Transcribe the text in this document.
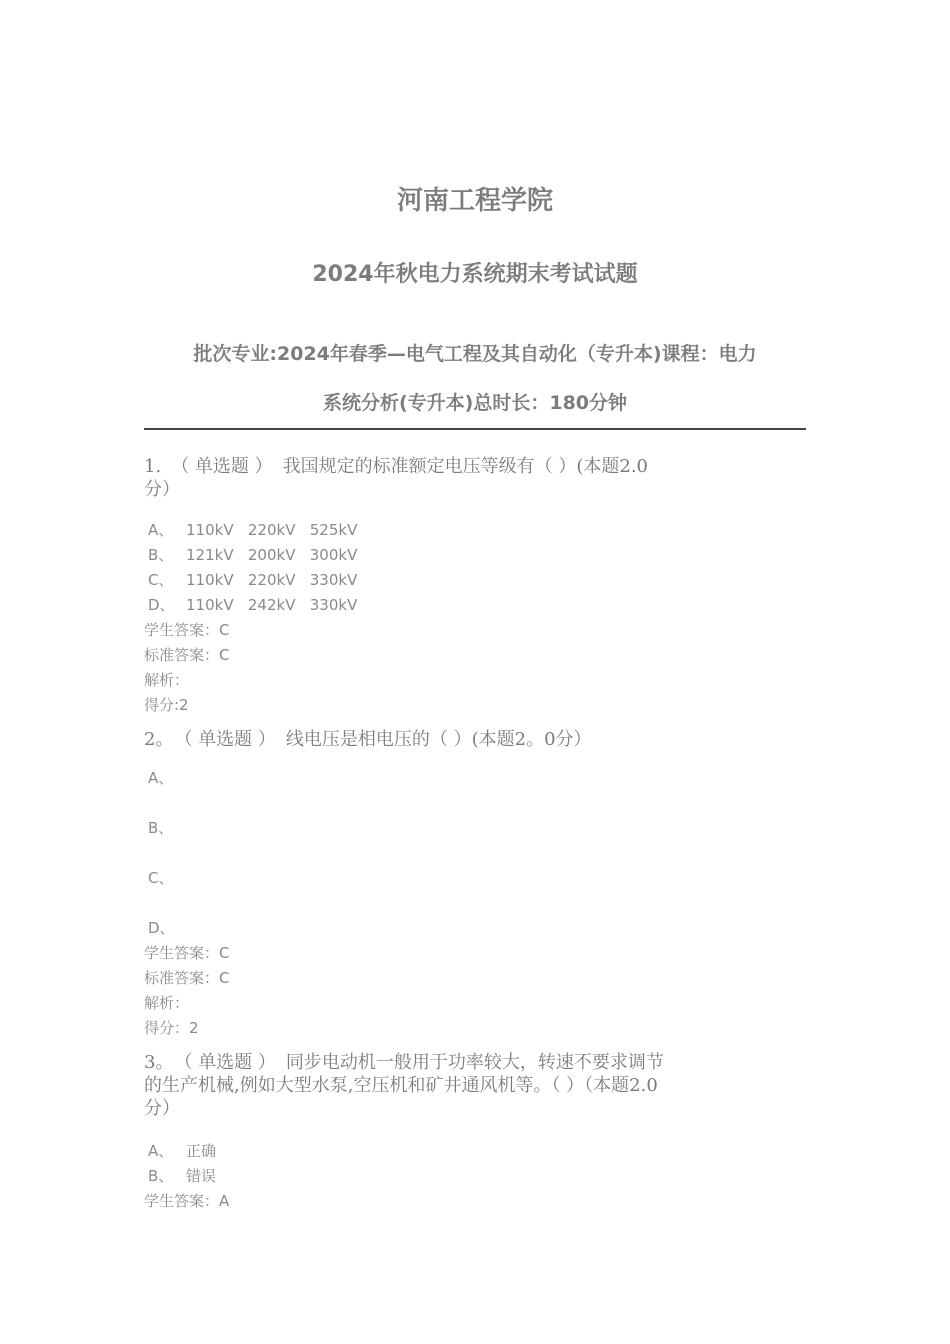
河南工程学院
2024年秋电力系统期末考试试题
批次专业:2024年春季—电气工程及其自动化（专升本)课程：电力
系统分析(专升本)总时长：180分钟
1. （ 单选题 ） 我国规定的标准额定电压等级有（ ）(本题2.0
分）
A、 110kV   220kV   525kV
B、 121kV   200kV   300kV
C、 110kV   220kV   330kV
D、 110kV   242kV   330kV
学生答案：C
标准答案：C
解析：
得分:2
2。 （ 单选题 ） 线电压是相电压的（ ）(本题2。0分）
A、
B、
C、
D、
学生答案：C
标准答案：C
解析：
得分：2
3。 （ 单选题 ） 同步电动机一般用于功率较大，转速不要求调节
的生产机械,例如大型水泵,空压机和矿井通风机等。（ ）（本题2.0
分）
A、 正确
B、 错误
学生答案：A
